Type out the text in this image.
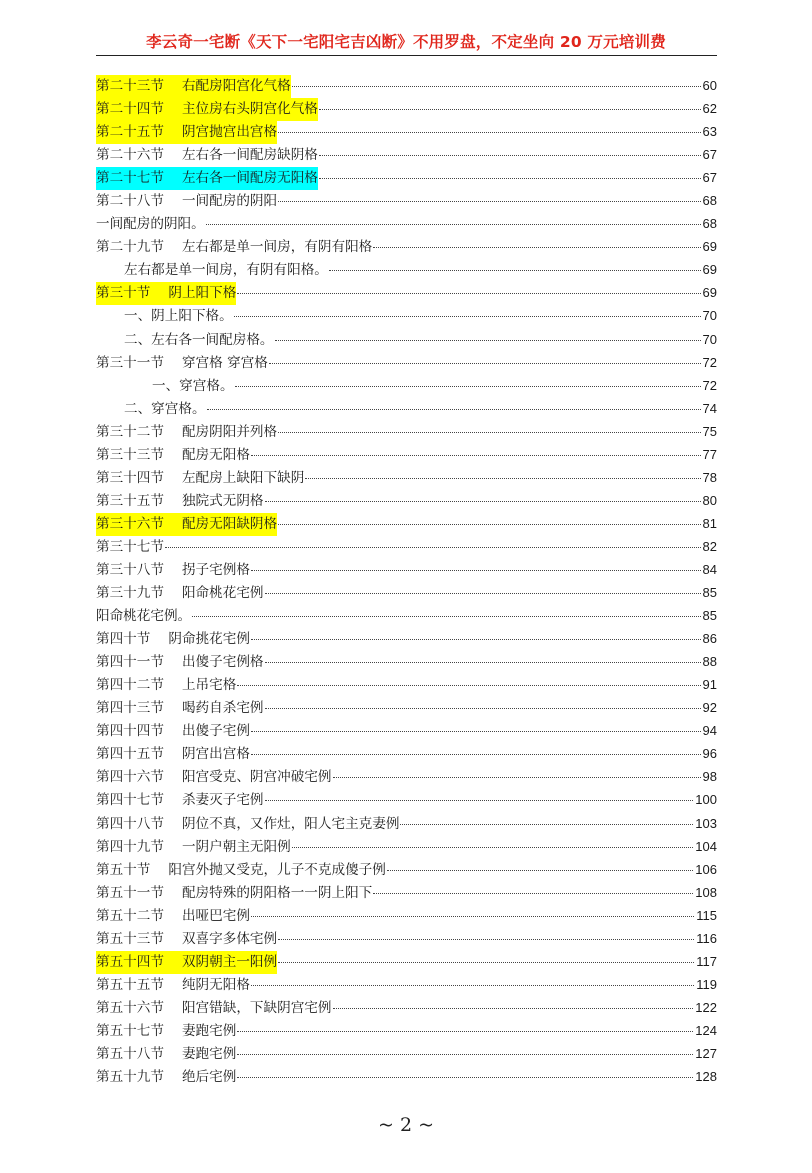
李云奇一宅断《天下一宅阳宅吉凶断》不用罗盘，不定坐向 20 万元培训费
第二十三节 右配房阳宫化气格	60
第二十四节 主位房右头阴宫化气格	62
第二十五节 阴宫抛宫出宫格	63
第二十六节 左右各一间配房缺阴格	67
第二十七节 左右各一间配房无阳格	67
第二十八节 一间配房的阴阳	68
一间配房的阴阳。	68
第二十九节 左右都是单一间房，有阴有阳格	69
左右都是单一间房，有阴有阳格。	69
第三十节 阴上阳下格	69
一、阴上阳下格。	70
二、左右各一间配房格。	70
第三十一节 穿宫格 穿宫格	72
一、穿宫格。	72
二、穿宫格。	74
第三十二节 配房阴阳并列格	75
第三十三节 配房无阳格	77
第三十四节 左配房上缺阳下缺阴	78
第三十五节 独院式无阴格	80
第三十六节 配房无阳缺阴格	81
第三十七节	82
第三十八节 拐子宅例格	84
第三十九节 阳命桃花宅例	85
阳命桃花宅例。	85
第四十节 阴命挑花宅例	86
第四十一节 出傻子宅例格	88
第四十二节 上吊宅格	91
第四十三节 喝药自杀宅例	92
第四十四节 出傻子宅例	94
第四十五节 阴宫出宫格	96
第四十六节 阳宫受克、阴宫冲破宅例	98
第四十七节 杀妻灭子宅例	100
第四十八节 阴位不真，又作灶，阳人宅主克妻例	103
第四十九节 一阴户朝主无阳例	104
第五十节 阳宫外抛又受克，儿子不克成傻子例	106
第五十一节 配房特殊的阴阳格一一阴上阳下	108
第五十二节 出哑巴宅例	115
第五十三节 双喜字多体宅例	116
第五十四节 双阴朝主一阳例	117
第五十五节 纯阴无阳格	119
第五十六节 阳宫错缺，下缺阴宫宅例	122
第五十七节 妻跑宅例	124
第五十八节 妻跑宅例	127
第五十九节 绝后宅例	128
~ 2 ~
